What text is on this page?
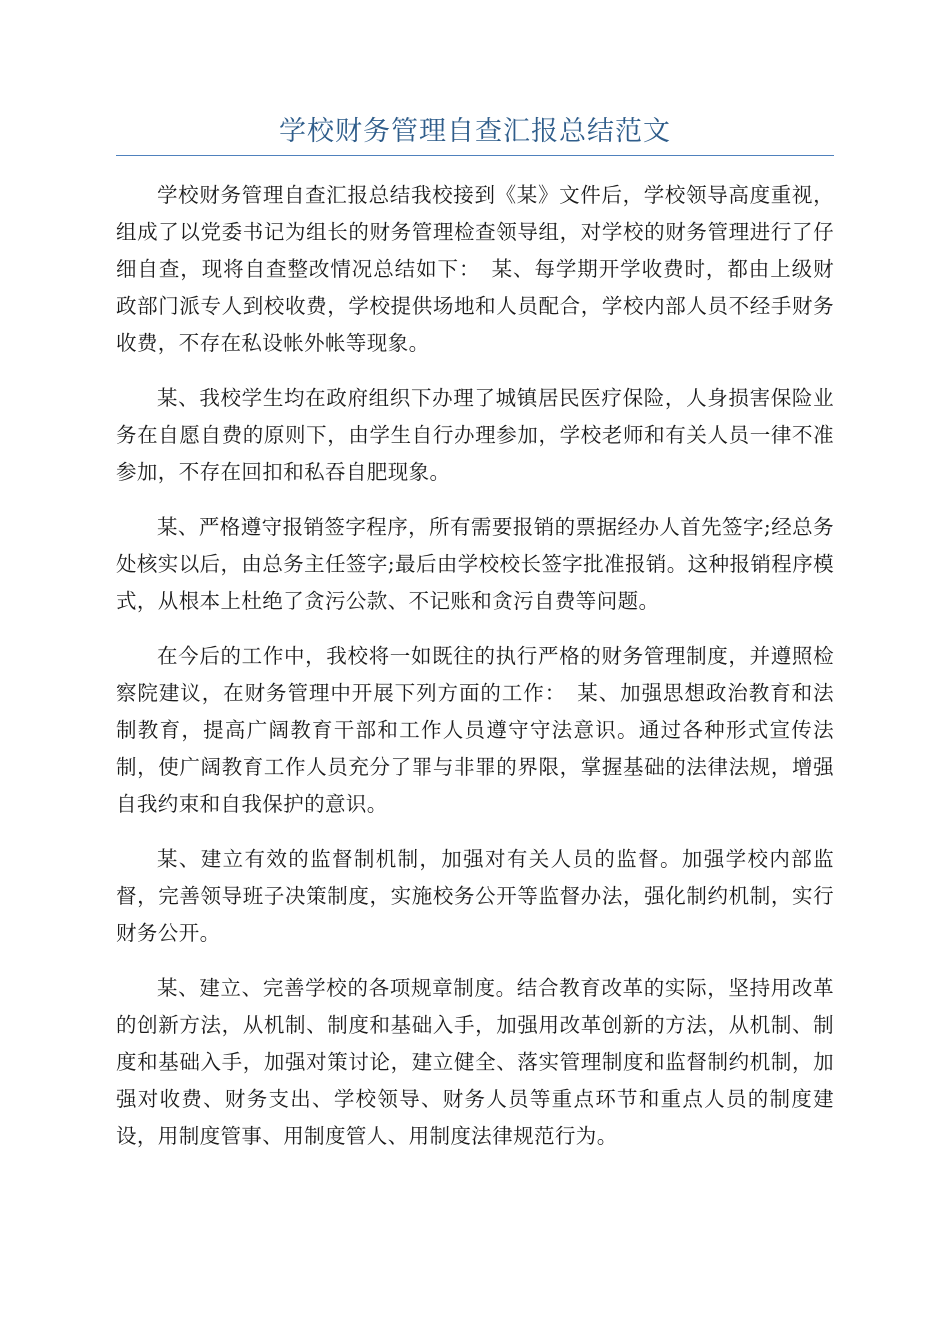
学校财务管理自查汇报总结范文

学校财务管理自查汇报总结我校接到《某》文件后，学校领导高度重视，组成了以党委书记为组长的财务管理检查领导组，对学校的财务管理进行了仔细自查，现将自查整改情况总结如下：　某、每学期开学收费时，都由上级财政部门派专人到校收费，学校提供场地和人员配合，学校内部人员不经手财务收费，不存在私设帐外帐等现象。

某、我校学生均在政府组织下办理了城镇居民医疗保险，人身损害保险业务在自愿自费的原则下，由学生自行办理参加，学校老师和有关人员一律不准参加，不存在回扣和私吞自肥现象。

某、严格遵守报销签字程序，所有需要报销的票据经办人首先签字;经总务处核实以后，由总务主任签字;最后由学校校长签字批准报销。这种报销程序模式，从根本上杜绝了贪污公款、不记账和贪污自费等问题。

在今后的工作中，我校将一如既往的执行严格的财务管理制度，并遵照检察院建议，在财务管理中开展下列方面的工作：　某、加强思想政治教育和法制教育，提高广阔教育干部和工作人员遵守守法意识。通过各种形式宣传法制，使广阔教育工作人员充分了罪与非罪的界限，掌握基础的法律法规，增强自我约束和自我保护的意识。

某、建立有效的监督制机制，加强对有关人员的监督。加强学校内部监督，完善领导班子决策制度，实施校务公开等监督办法，强化制约机制，实行财务公开。

某、建立、完善学校的各项规章制度。结合教育改革的实际，坚持用改革的创新方法，从机制、制度和基础入手，加强用改革创新的方法，从机制、制度和基础入手，加强对策讨论，建立健全、落实管理制度和监督制约机制，加强对收费、财务支出、学校领导、财务人员等重点环节和重点人员的制度建设，用制度管事、用制度管人、用制度法律规范行为。
